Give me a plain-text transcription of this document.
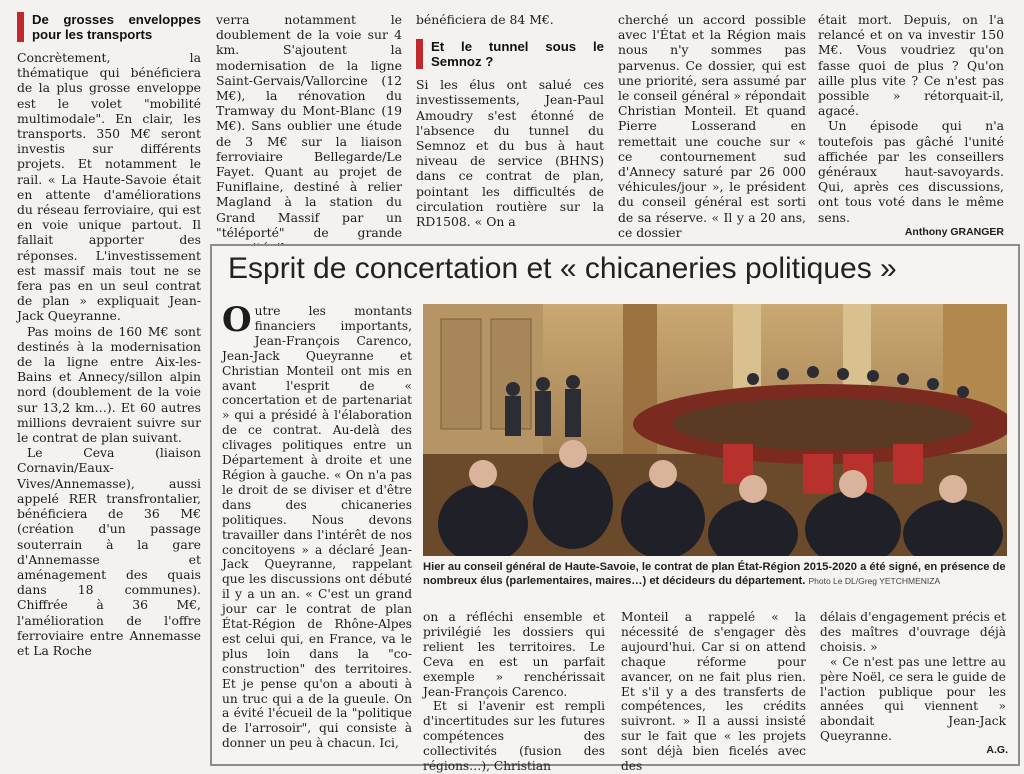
De grosses enveloppes pour les transports

Concrètement, la thématique qui bénéficiera de la plus grosse enveloppe est le volet "mobilité multimodale". En clair, les transports. 350 M€ seront investis sur différents projets. Et notamment le rail. « La Haute-Savoie était en attente d'améliorations du réseau ferroviaire, qui est en voie unique partout. Il fallait apporter des réponses. L'investissement est massif mais tout ne se fera pas en un seul contrat de plan » expliquait Jean-Jack Queyranne.

Pas moins de 160 M€ sont destinés à la modernisation de la ligne entre Aix-les-Bains et Annecy/sillon alpin nord (doublement de la voie sur 13,2 km…). Et 60 autres millions devraient suivre sur le contrat de plan suivant.

Le Ceva (liaison Cornavin/Eaux-Vives/Annemasse), aussi appelé RER transfrontalier, bénéficiera de 36 M€ (création d'un passage souterrain à la gare d'Annemasse et aménagement des quais dans 18 communes). Chiffrée à 36 M€, l'amélioration de l'offre ferroviaire entre Annemasse et La Roche

verra notamment le doublement de la voie sur 4 km. S'ajoutent la modernisation de la ligne Saint-Gervais/Vallorcine (12 M€), la rénovation du Tramway du Mont-Blanc (19 M€). Sans oublier une étude de 3 M€ sur la liaison ferroviaire Bellegarde/Le Fayet. Quant au projet de Funiflaine, destiné à relier Magland à la station du Grand Massif par un "téléporté" de grande

bénéficiera de 84 M€.

Et le tunnel sous le Semnoz ?

Si les élus ont salué ces investissements, Jean-Paul Amoudry s'est étonné de l'absence du tunnel du Semnoz et du bus à haut niveau de service (BHNS) dans ce contrat de plan, pointant les difficultés de circulation routière sur la RD1508. « On a

cherché un accord possible avec l'État et la Région mais nous n'y sommes pas parvenus. Ce dossier, qui est une priorité, sera assumé par le conseil général » répondait Christian Monteil. Et quand Pierre Losserand en remettait une couche sur « ce contournement sud d'Annecy saturé par 26 000 véhicules/jour », le président du conseil général est sorti de sa réserve. « Il y a 20 ans, ce dossier

était mort. Depuis, on l'a relancé et on va investir 150 M€. Vous voudriez qu'on fasse quoi de plus ? Qu'on aille plus vite ? Ce n'est pas possible » rétorquait-il, agacé.

Un épisode qui n'a toutefois pas gâché l'unité affichée par les conseillers généraux haut-savoyards. Qui, après ces discussions, ont tous voté dans le même sens.

Anthony GRANGER
Esprit de concertation et « chicaneries politiques »

Outre les montants financiers importants, Jean-François Carenco, Jean-Jack Queyranne et Christian Monteil ont mis en avant l'esprit de « concertation et de partenariat » qui a présidé à l'élaboration de ce contrat. Au-delà des clivages politiques entre un Département à droite et une Région à gauche. « On n'a pas le droit de se diviser et d'être dans des chicaneries politiques. Nous devons travailler dans l'intérêt de nos concitoyens » a déclaré Jean-Jack Queyranne, rappelant que les discussions ont débuté il y a un an. « C'est un grand jour car le contrat de plan État-Région de Rhône-Alpes est celui qui, en France, va le plus loin dans la "co-construction" des territoires. Et je pense qu'on a abouti à un truc qui a de la gueule. On a évité l'écueil de la "politique de l'arrosoir", qui consiste à donner un peu à chacun. Ici,

Hier au conseil général de Haute-Savoie, le contrat de plan État-Région 2015-2020 a été signé, en présence de nombreux élus (parlementaires, maires…) et décideurs du département. Photo Le DL/Greg YETCHMENIZA

on a réfléchi ensemble et privilégié les dossiers qui relient les territoires. Le Ceva en est un parfait exemple » renchérissait Jean-François Carenco.

Et si l'avenir est rempli d'incertitudes sur les futures compétences des collectivités (fusion des régions…), Christian

Monteil a rappelé « la nécessité de s'engager dès aujourd'hui. Car si on attend chaque réforme pour avancer, on ne fait plus rien. Et s'il y a des transferts de compétences, les crédits suivront. » Il a aussi insisté sur le fait que « les projets sont déjà bien ficelés avec des

délais d'engagement précis et des maîtres d'ouvrage déjà choisis. »

« Ce n'est pas une lettre au père Noël, ce sera le guide de l'action publique pour les années qui viennent » abondait Jean-Jack Queyranne.

A.G.
